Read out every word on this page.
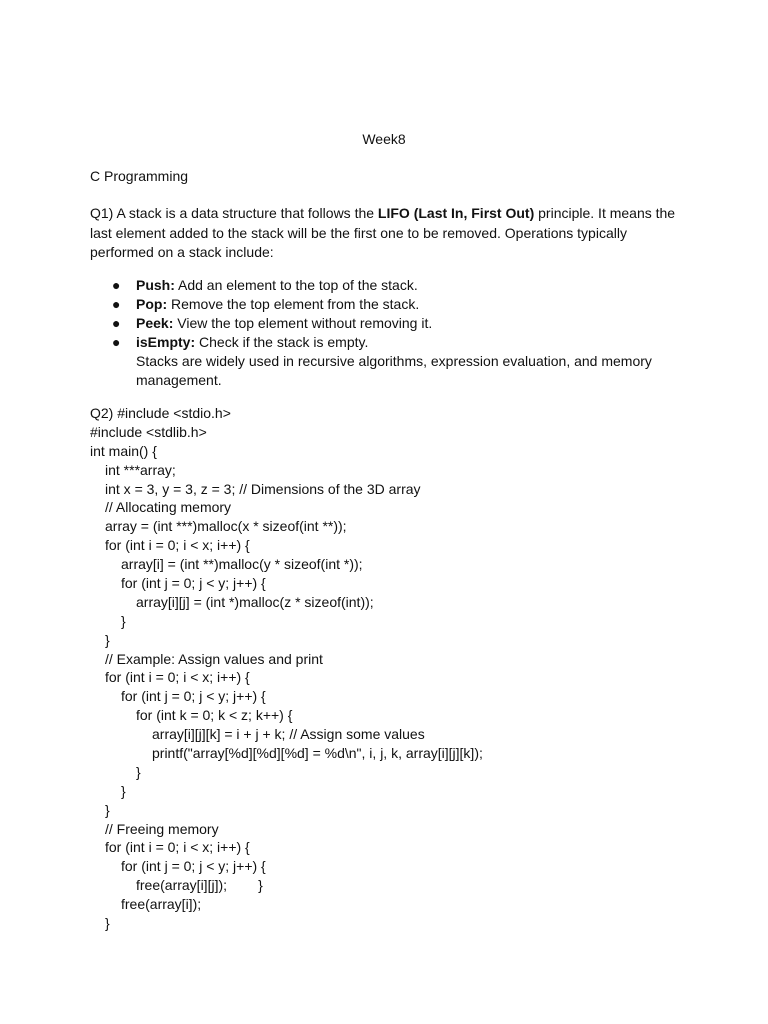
Week8
C Programming
Q1) A stack is a data structure that follows the LIFO (Last In, First Out) principle. It means the last element added to the stack will be the first one to be removed. Operations typically performed on a stack include:
● Push: Add an element to the top of the stack.
● Pop: Remove the top element from the stack.
● Peek: View the top element without removing it.
● isEmpty: Check if the stack is empty.
Stacks are widely used in recursive algorithms, expression evaluation, and memory management.
Q2) #include <stdio.h>
#include <stdlib.h>
int main() {
int ***array;
int x = 3, y = 3, z = 3; // Dimensions of the 3D array
// Allocating memory
array = (int ***)malloc(x * sizeof(int **));
for (int i = 0; i < x; i++) {
array[i] = (int **)malloc(y * sizeof(int *));
for (int j = 0; j < y; j++) {
array[i][j] = (int *)malloc(z * sizeof(int));
}
}
// Example: Assign values and print
for (int i = 0; i < x; i++) {
for (int j = 0; j < y; j++) {
for (int k = 0; k < z; k++) {
array[i][j][k] = i + j + k; // Assign some values
printf("array[%d][%d][%d] = %d\n", i, j, k, array[i][j][k]);
}
}
}
// Freeing memory
for (int i = 0; i < x; i++) {
for (int j = 0; j < y; j++) {
free(array[i][j]);        }
free(array[i]);
}
